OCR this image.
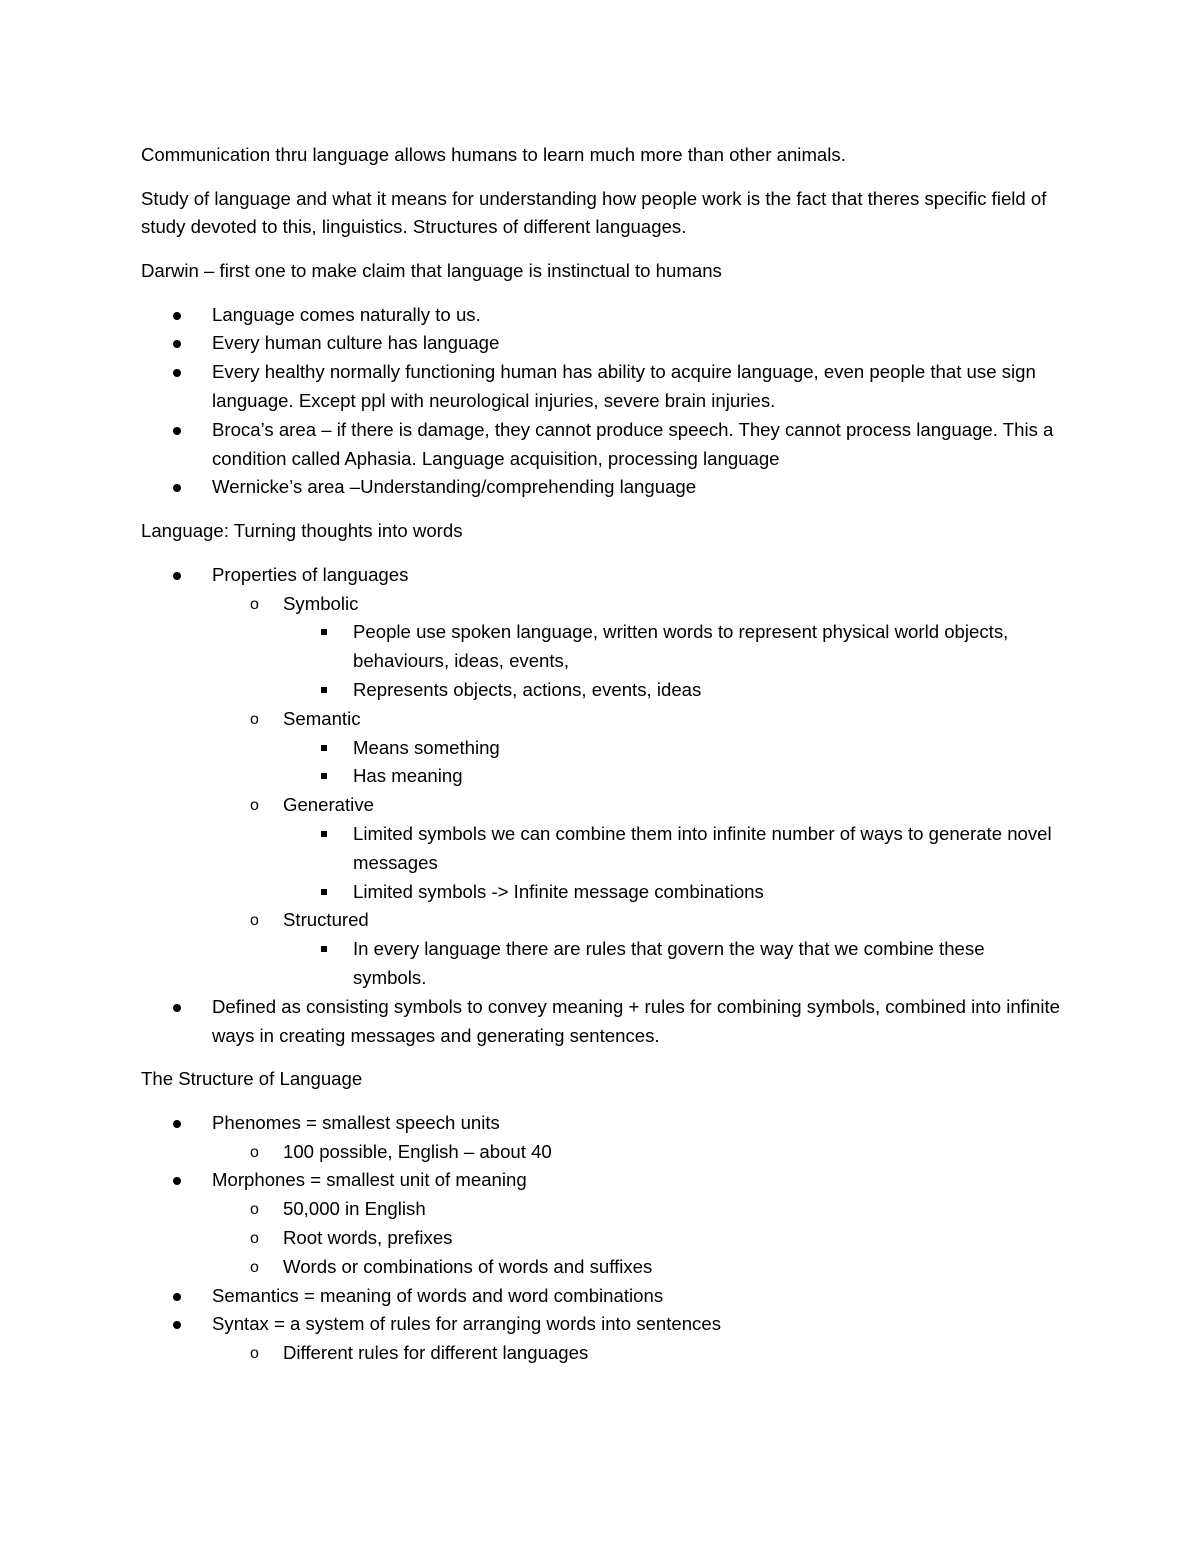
Communication thru language allows humans to learn much more than other animals.

Study of language and what it means for understanding how people work is the fact that theres specific field of study devoted to this, linguistics. Structures of different languages.

Darwin – first one to make claim that language is instinctual to humans

Language comes naturally to us.
Every human culture has language
Every healthy normally functioning human has ability to acquire language, even people that use sign language. Except ppl with neurological injuries, severe brain injuries.
Broca’s area – if there is damage, they cannot produce speech. They cannot process language. This a condition called Aphasia. Language acquisition, processing language
Wernicke’s area –Understanding/comprehending language

Language: Turning thoughts into words

Properties of languages
o
Symbolic
People use spoken language, written words to represent physical world objects, behaviours, ideas, events,
Represents objects, actions, events, ideas
o
Semantic
Means something
Has meaning
o
Generative
Limited symbols we can combine them into infinite number of ways to generate novel messages
Limited symbols -> Infinite message combinations
o
Structured
In every language there are rules that govern the way that we combine these symbols.
Defined as consisting symbols to convey meaning + rules for combining symbols, combined into infinite ways in creating messages and generating sentences.

The Structure of Language

Phenomes = smallest speech units
o
100 possible, English – about 40
Morphones = smallest unit of meaning
o
50,000 in English
o
Root words, prefixes
o
Words or combinations of words and suffixes
Semantics = meaning of words and word combinations
Syntax = a system of rules for arranging words into sentences
o
Different rules for different languages
